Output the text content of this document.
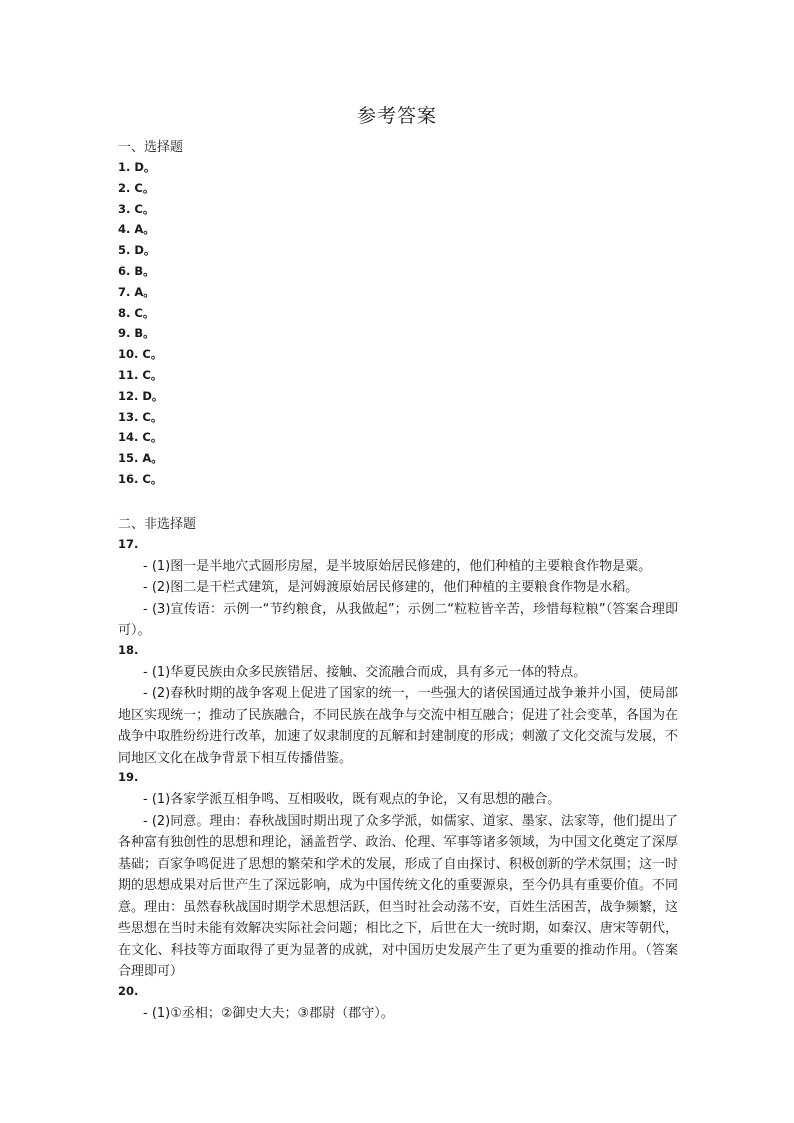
参考答案
一、选择题
1. D。
2. C。
3. C。
4. A。
5. D。
6. B。
7. A。
8. C。
9. B。
10. C。
11. C。
12. D。
13. C。
14. C。
15. A。
16. C。
二、非选择题
17.

- (1)图一是半地穴式圆形房屋，是半坡原始居民修建的，他们种植的主要粮食作物是粟。

- (2)图二是干栏式建筑，是河姆渡原始居民修建的，他们种植的主要粮食作物是水稻。

- (3)宣传语：示例一“节约粮食，从我做起”；示例二“粒粒皆辛苦，珍惜每粒粮”（答案合理即可）。

18.

- (1)华夏民族由众多民族错居、接触、交流融合而成，具有多元一体的特点。

- (2)春秋时期的战争客观上促进了国家的统一，一些强大的诸侯国通过战争兼并小国，使局部地区实现统一；推动了民族融合，不同民族在战争与交流中相互融合；促进了社会变革，各国为在战争中取胜纷纷进行改革，加速了奴隶制度的瓦解和封建制度的形成；刺激了文化交流与发展，不同地区文化在战争背景下相互传播借鉴。

19.

- (1)各家学派互相争鸣、互相吸收，既有观点的争论，又有思想的融合。

- (2)同意。理由：春秋战国时期出现了众多学派，如儒家、道家、墨家、法家等，他们提出了各种富有独创性的思想和理论，涵盖哲学、政治、伦理、军事等诸多领域，为中国文化奠定了深厚基础；百家争鸣促进了思想的繁荣和学术的发展，形成了自由探讨、积极创新的学术氛围；这一时期的思想成果对后世产生了深远影响，成为中国传统文化的重要源泉，至今仍具有重要价值。不同意。理由：虽然春秋战国时期学术思想活跃，但当时社会动荡不安，百姓生活困苦，战争频繁，这些思想在当时未能有效解决实际社会问题；相比之下，后世在大一统时期，如秦汉、唐宋等朝代，在文化、科技等方面取得了更为显著的成就，对中国历史发展产生了更为重要的推动作用。（答案合理即可）

20.

- (1)①丞相；②御史大夫；③郡尉（郡守）。
